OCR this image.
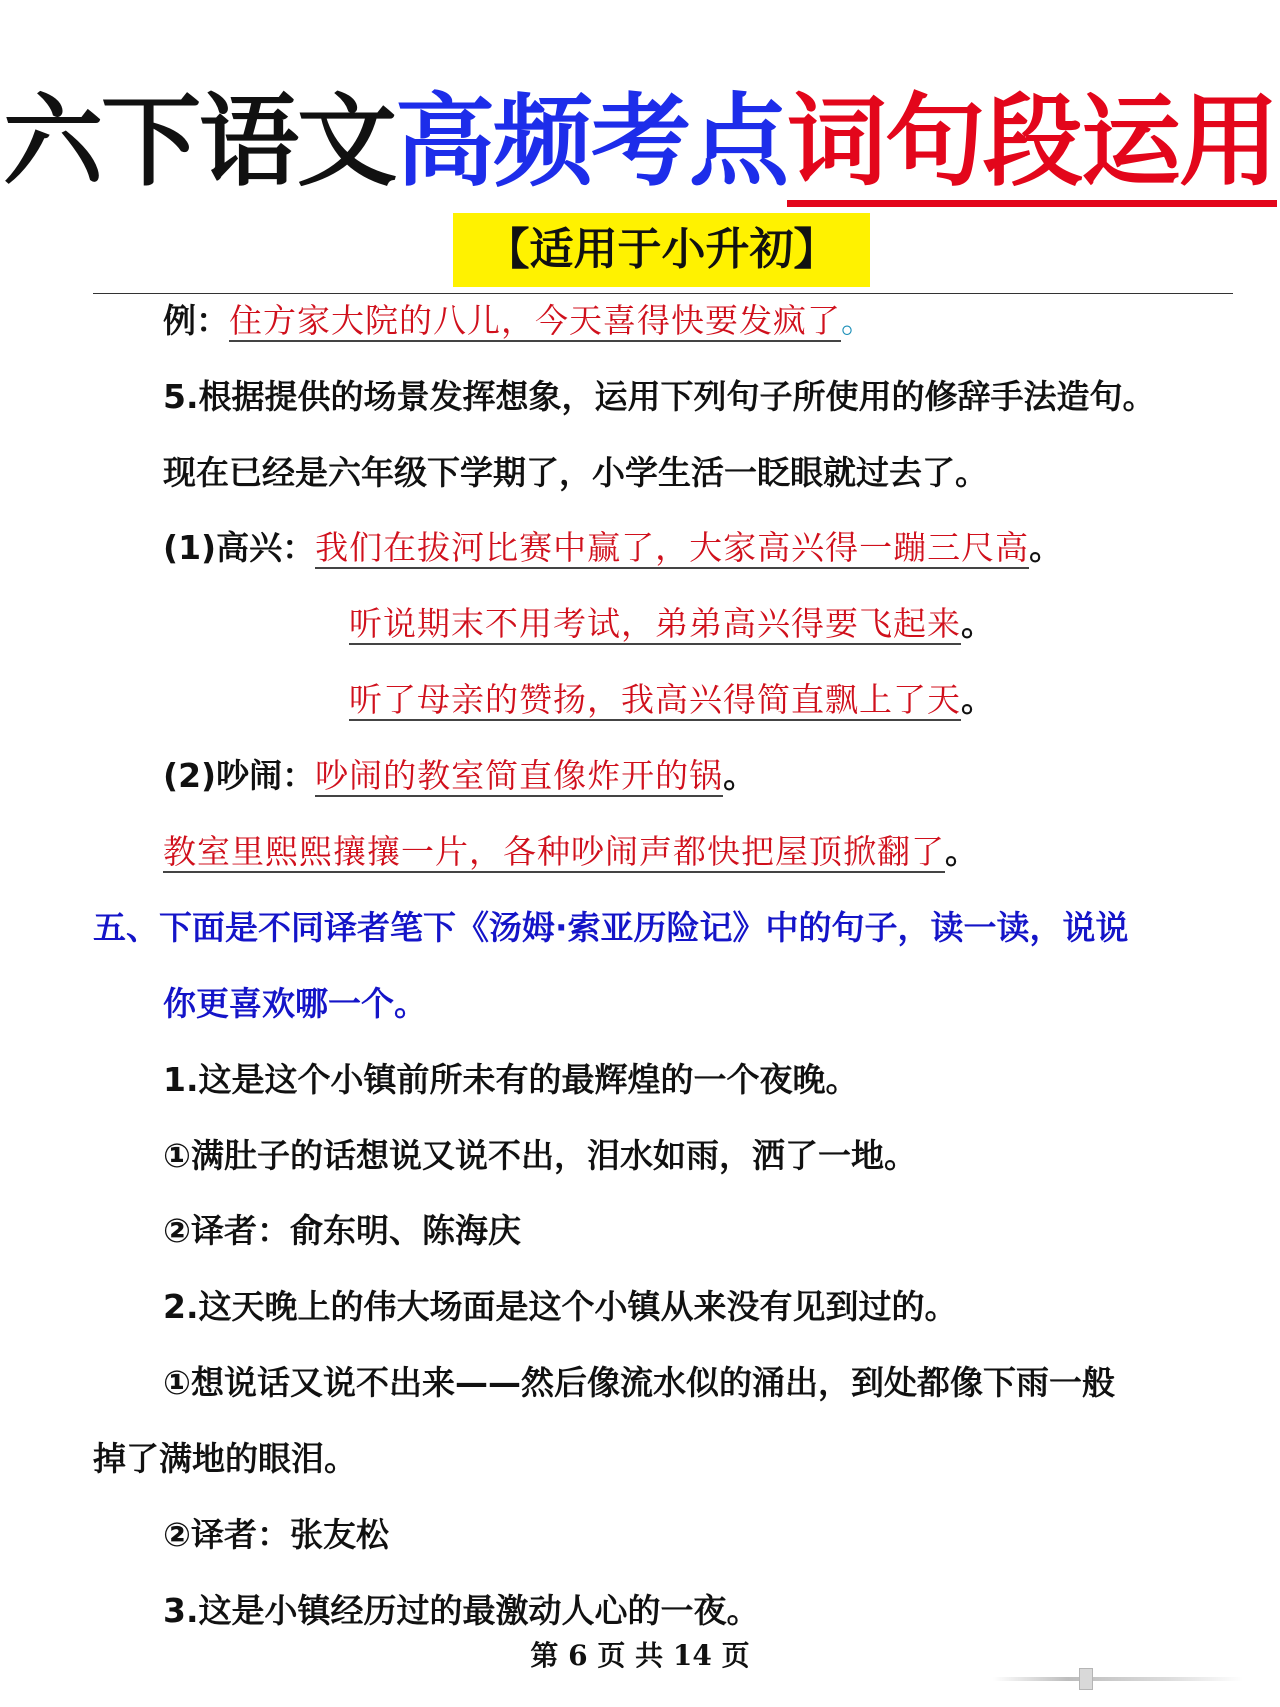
六下语文高频考点词句段运用
【适用于小升初】
例：住方家大院的八儿，今天喜得快要发疯了。
5.根据提供的场景发挥想象，运用下列句子所使用的修辞手法造句。
现在已经是六年级下学期了，小学生活一眨眼就过去了。
(1)高兴：我们在拔河比赛中赢了，大家高兴得一蹦三尺高。
听说期末不用考试，弟弟高兴得要飞起来。
听了母亲的赞扬，我高兴得简直飘上了天。
(2)吵闹：吵闹的教室简直像炸开的锅。
教室里熙熙攘攘一片，各种吵闹声都快把屋顶掀翻了。
五、下面是不同译者笔下《汤姆·索亚历险记》中的句子，读一读，说说
你更喜欢哪一个。
1.这是这个小镇前所未有的最辉煌的一个夜晚。
①满肚子的话想说又说不出，泪水如雨，洒了一地。
②译者：俞东明、陈海庆
2.这天晚上的伟大场面是这个小镇从来没有见到过的。
①想说话又说不出来——然后像流水似的涌出，到处都像下雨一般
掉了满地的眼泪。
②译者：张友松
3.这是小镇经历过的最激动人心的一夜。
第 6 页 共 14 页
